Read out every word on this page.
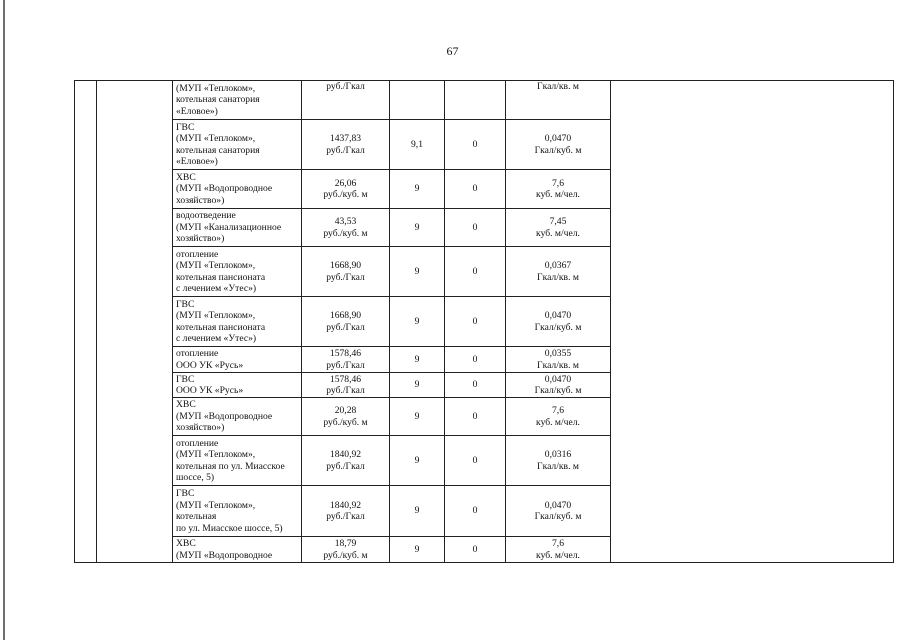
67
		(МУП «Теплоком»,
котельная санатория
«Еловое»)	руб./Гкал			Гкал/кв. м	
		ГВС
(МУП «Теплоком»,
котельная санатория
«Еловое»)	1437,83
руб./Гкал	9,1	0	0,0470
Гкал/куб. м	
		ХВС
(МУП «Водопроводное
хозяйство»)	26,06
руб./куб. м	9	0	7,6
куб. м/чел.	
		водоотведение
(МУП «Канализационное
хозяйство»)	43,53
руб./куб. м	9	0	7,45
куб. м/чел.	
		отопление
(МУП «Теплоком»,
котельная пансионата
с лечением «Утес»)	1668,90
руб./Гкал	9	0	0,0367
Гкал/кв. м	
		ГВС
(МУП «Теплоком»,
котельная пансионата
с лечением «Утес»)	1668,90
руб./Гкал	9	0	0,0470
Гкал/куб. м	
		отопление
ООО УК «Русь»	1578,46
руб./Гкал	9	0	0,0355
Гкал/кв. м	
		ГВС
ООО УК «Русь»	1578,46
руб./Гкал	9	0	0,0470
Гкал/куб. м	
		ХВС
(МУП «Водопроводное
хозяйство»)	20,28
руб./куб. м	9	0	7,6
куб. м/чел.	
		отопление
(МУП «Теплоком»,
котельная по ул. Миасское
шоссе, 5)	1840,92
руб./Гкал	9	0	0,0316
Гкал/кв. м	
		ГВС
(МУП «Теплоком»,
котельная
по ул. Миасское шоссе, 5)	1840,92
руб./Гкал	9	0	0,0470
Гкал/куб. м	
		ХВС
(МУП «Водопроводное	18,79
руб./куб. м	9	0	7,6
куб. м/чел.	
